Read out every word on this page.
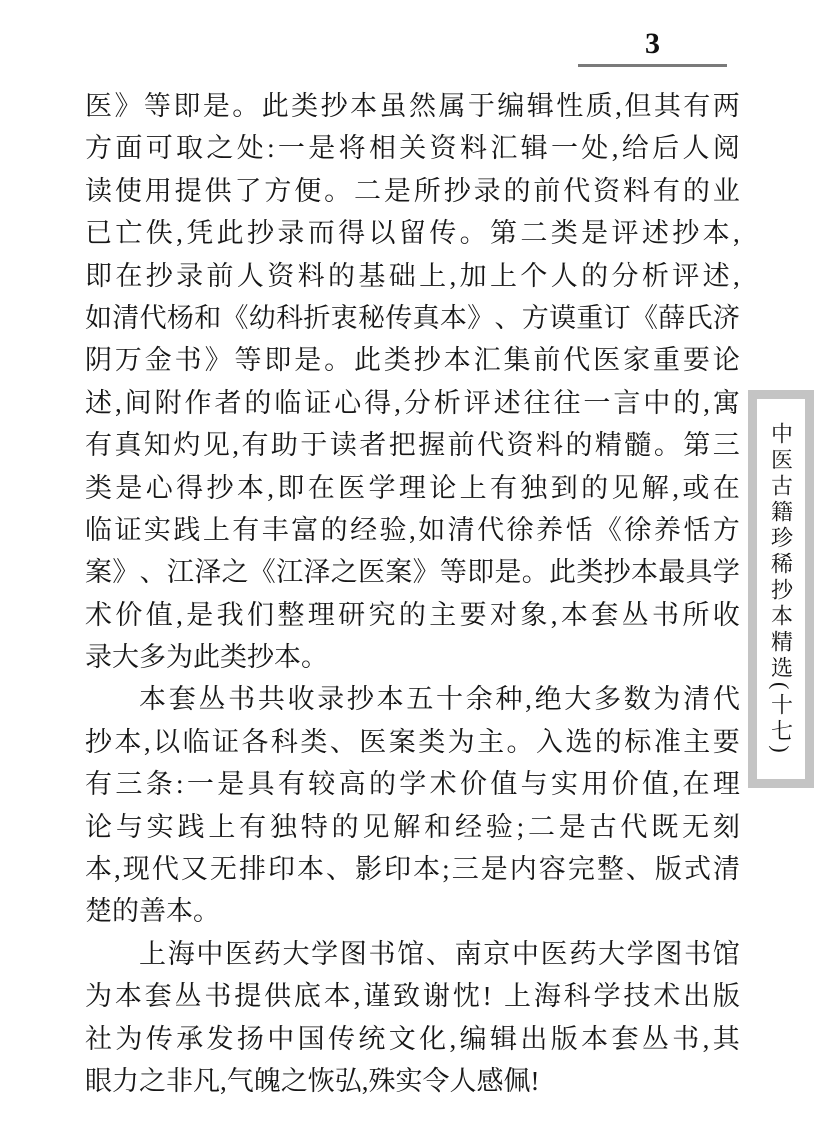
3
医 》 等 即 是 。 此 类 抄 本 虽 然 属 于 编 辑 性 质 , 但 其 有 两
方 面 可 取 之 处 : 一 是 将 相 关 资 料 汇 辑 一 处 , 给 后 人 阅
读 使 用 提 供 了 方 便 。 二 是 所 抄 录 的 前 代 资 料 有 的 业
已 亡 佚 , 凭 此 抄 录 而 得 以 留 传 。 第 二 类 是 评 述 抄 本 ,
即 在 抄 录 前 人 资 料 的 基 础 上 , 加 上 个 人 的 分 析 评 述 ,
如 清 代 杨 和 《 幼 科 折 衷 秘 传 真 本 》 、 方 谟 重 订 《 薛 氏 济
阴 万 金 书 》 等 即 是 。 此 类 抄 本 汇 集 前 代 医 家 重 要 论
述 , 间 附 作 者 的 临 证 心 得 , 分 析 评 述 往 往 一 言 中 的 , 寓
有 真 知 灼 见 , 有 助 于 读 者 把 握 前 代 资 料 的 精 髓 。 第 三
类 是 心 得 抄 本 , 即 在 医 学 理 论 上 有 独 到 的 见 解 , 或 在
临 证 实 践 上 有 丰 富 的 经 验 , 如 清 代 徐 养 恬 《 徐 养 恬 方
案 》 、 江 泽 之 《 江 泽 之 医 案 》 等 即 是 。 此 类 抄 本 最 具 学
术 价 值 , 是 我 们 整 理 研 究 的 主 要 对 象 , 本 套 丛 书 所 收
录大多为此类抄本。
本 套 丛 书 共 收 录 抄 本 五 十 余 种 , 绝 大 多 数 为 清 代
抄 本 , 以 临 证 各 科 类 、 医 案 类 为 主 。 入 选 的 标 准 主 要
有 三 条 : 一 是 具 有 较 高 的 学 术 价 值 与 实 用 价 值 , 在 理
论 与 实 践 上 有 独 特 的 见 解 和 经 验 ; 二 是 古 代 既 无 刻
本 , 现 代 又 无 排 印 本 、 影 印 本 ; 三 是 内 容 完 整 、 版 式 清
楚的善本。
上 海 中 医 药 大 学 图 书 馆 、 南 京 中 医 药 大 学 图 书 馆
为 本 套 丛 书 提 供 底 本 , 谨 致 谢 忱 !
上 海 科 学 技 术 出 版
社 为 传 承 发 扬 中 国 传 统 文 化 , 编 辑 出 版 本 套 丛 书 , 其
眼力之非凡,气魄之恢弘,殊实令人感佩!
中医古籍珍稀抄本精选(十七)
